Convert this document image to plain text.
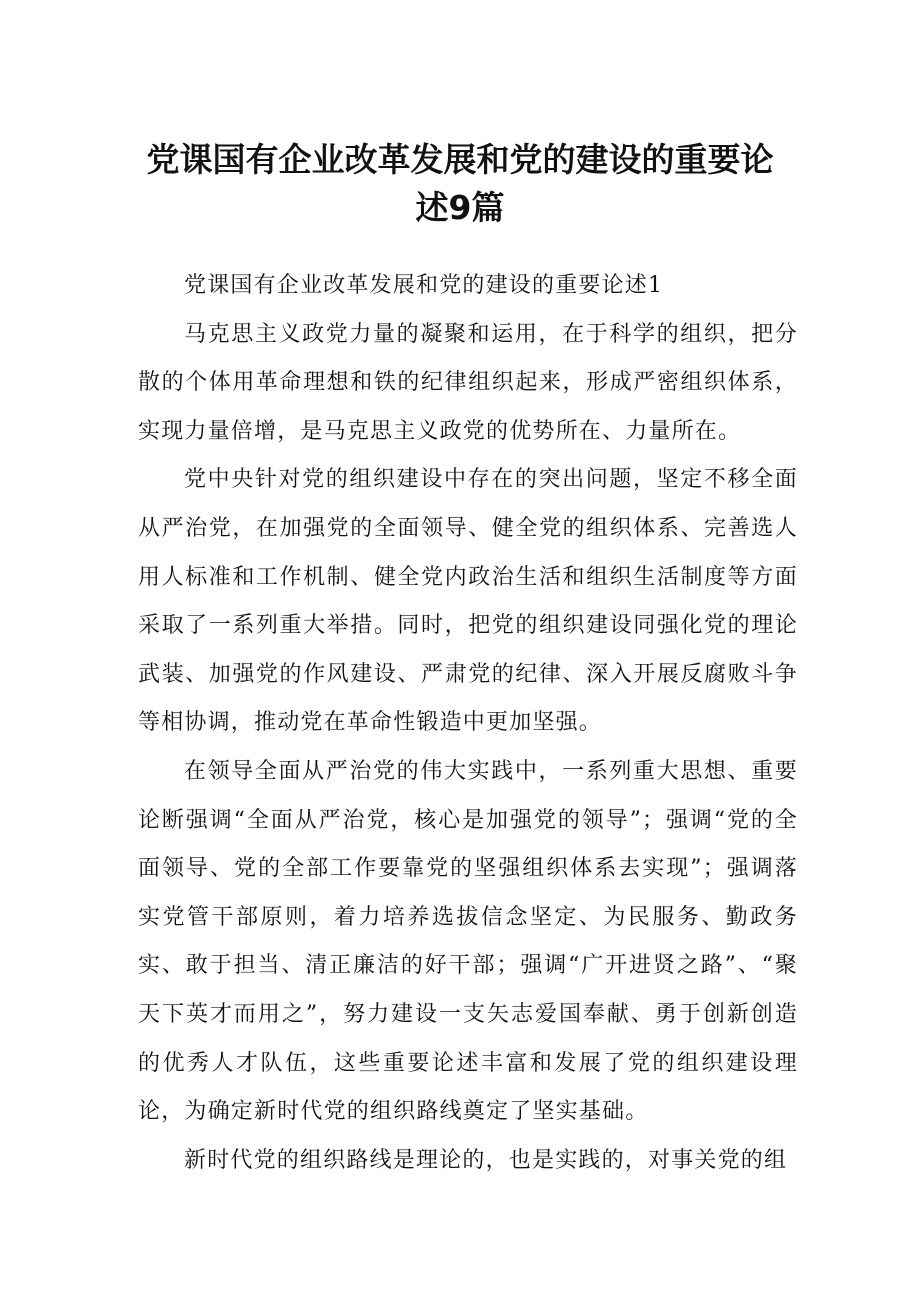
党课国有企业改革发展和党的建设的重要论
述9篇

党课国有企业改革发展和党的建设的重要论述1

马克思主义政党力量的凝聚和运用，在于科学的组织，把分散的个体用革命理想和铁的纪律组织起来，形成严密组织体系，实现力量倍增，是马克思主义政党的优势所在、力量所在。

党中央针对党的组织建设中存在的突出问题，坚定不移全面从严治党，在加强党的全面领导、健全党的组织体系、完善选人用人标准和工作机制、健全党内政治生活和组织生活制度等方面采取了一系列重大举措。同时，把党的组织建设同强化党的理论武装、加强党的作风建设、严肃党的纪律、深入开展反腐败斗争等相协调，推动党在革命性锻造中更加坚强。

在领导全面从严治党的伟大实践中，一系列重大思想、重要论断强调“全面从严治党，核心是加强党的领导”；强调“党的全面领导、党的全部工作要靠党的坚强组织体系去实现”；强调落实党管干部原则，着力培养选拔信念坚定、为民服务、勤政务实、敢于担当、清正廉洁的好干部；强调“广开进贤之路”、“聚天下英才而用之”，努力建设一支矢志爱国奉献、勇于创新创造的优秀人才队伍，这些重要论述丰富和发展了党的组织建设理论，为确定新时代党的组织路线奠定了坚实基础。

新时代党的组织路线是理论的，也是实践的，对事关党的组
